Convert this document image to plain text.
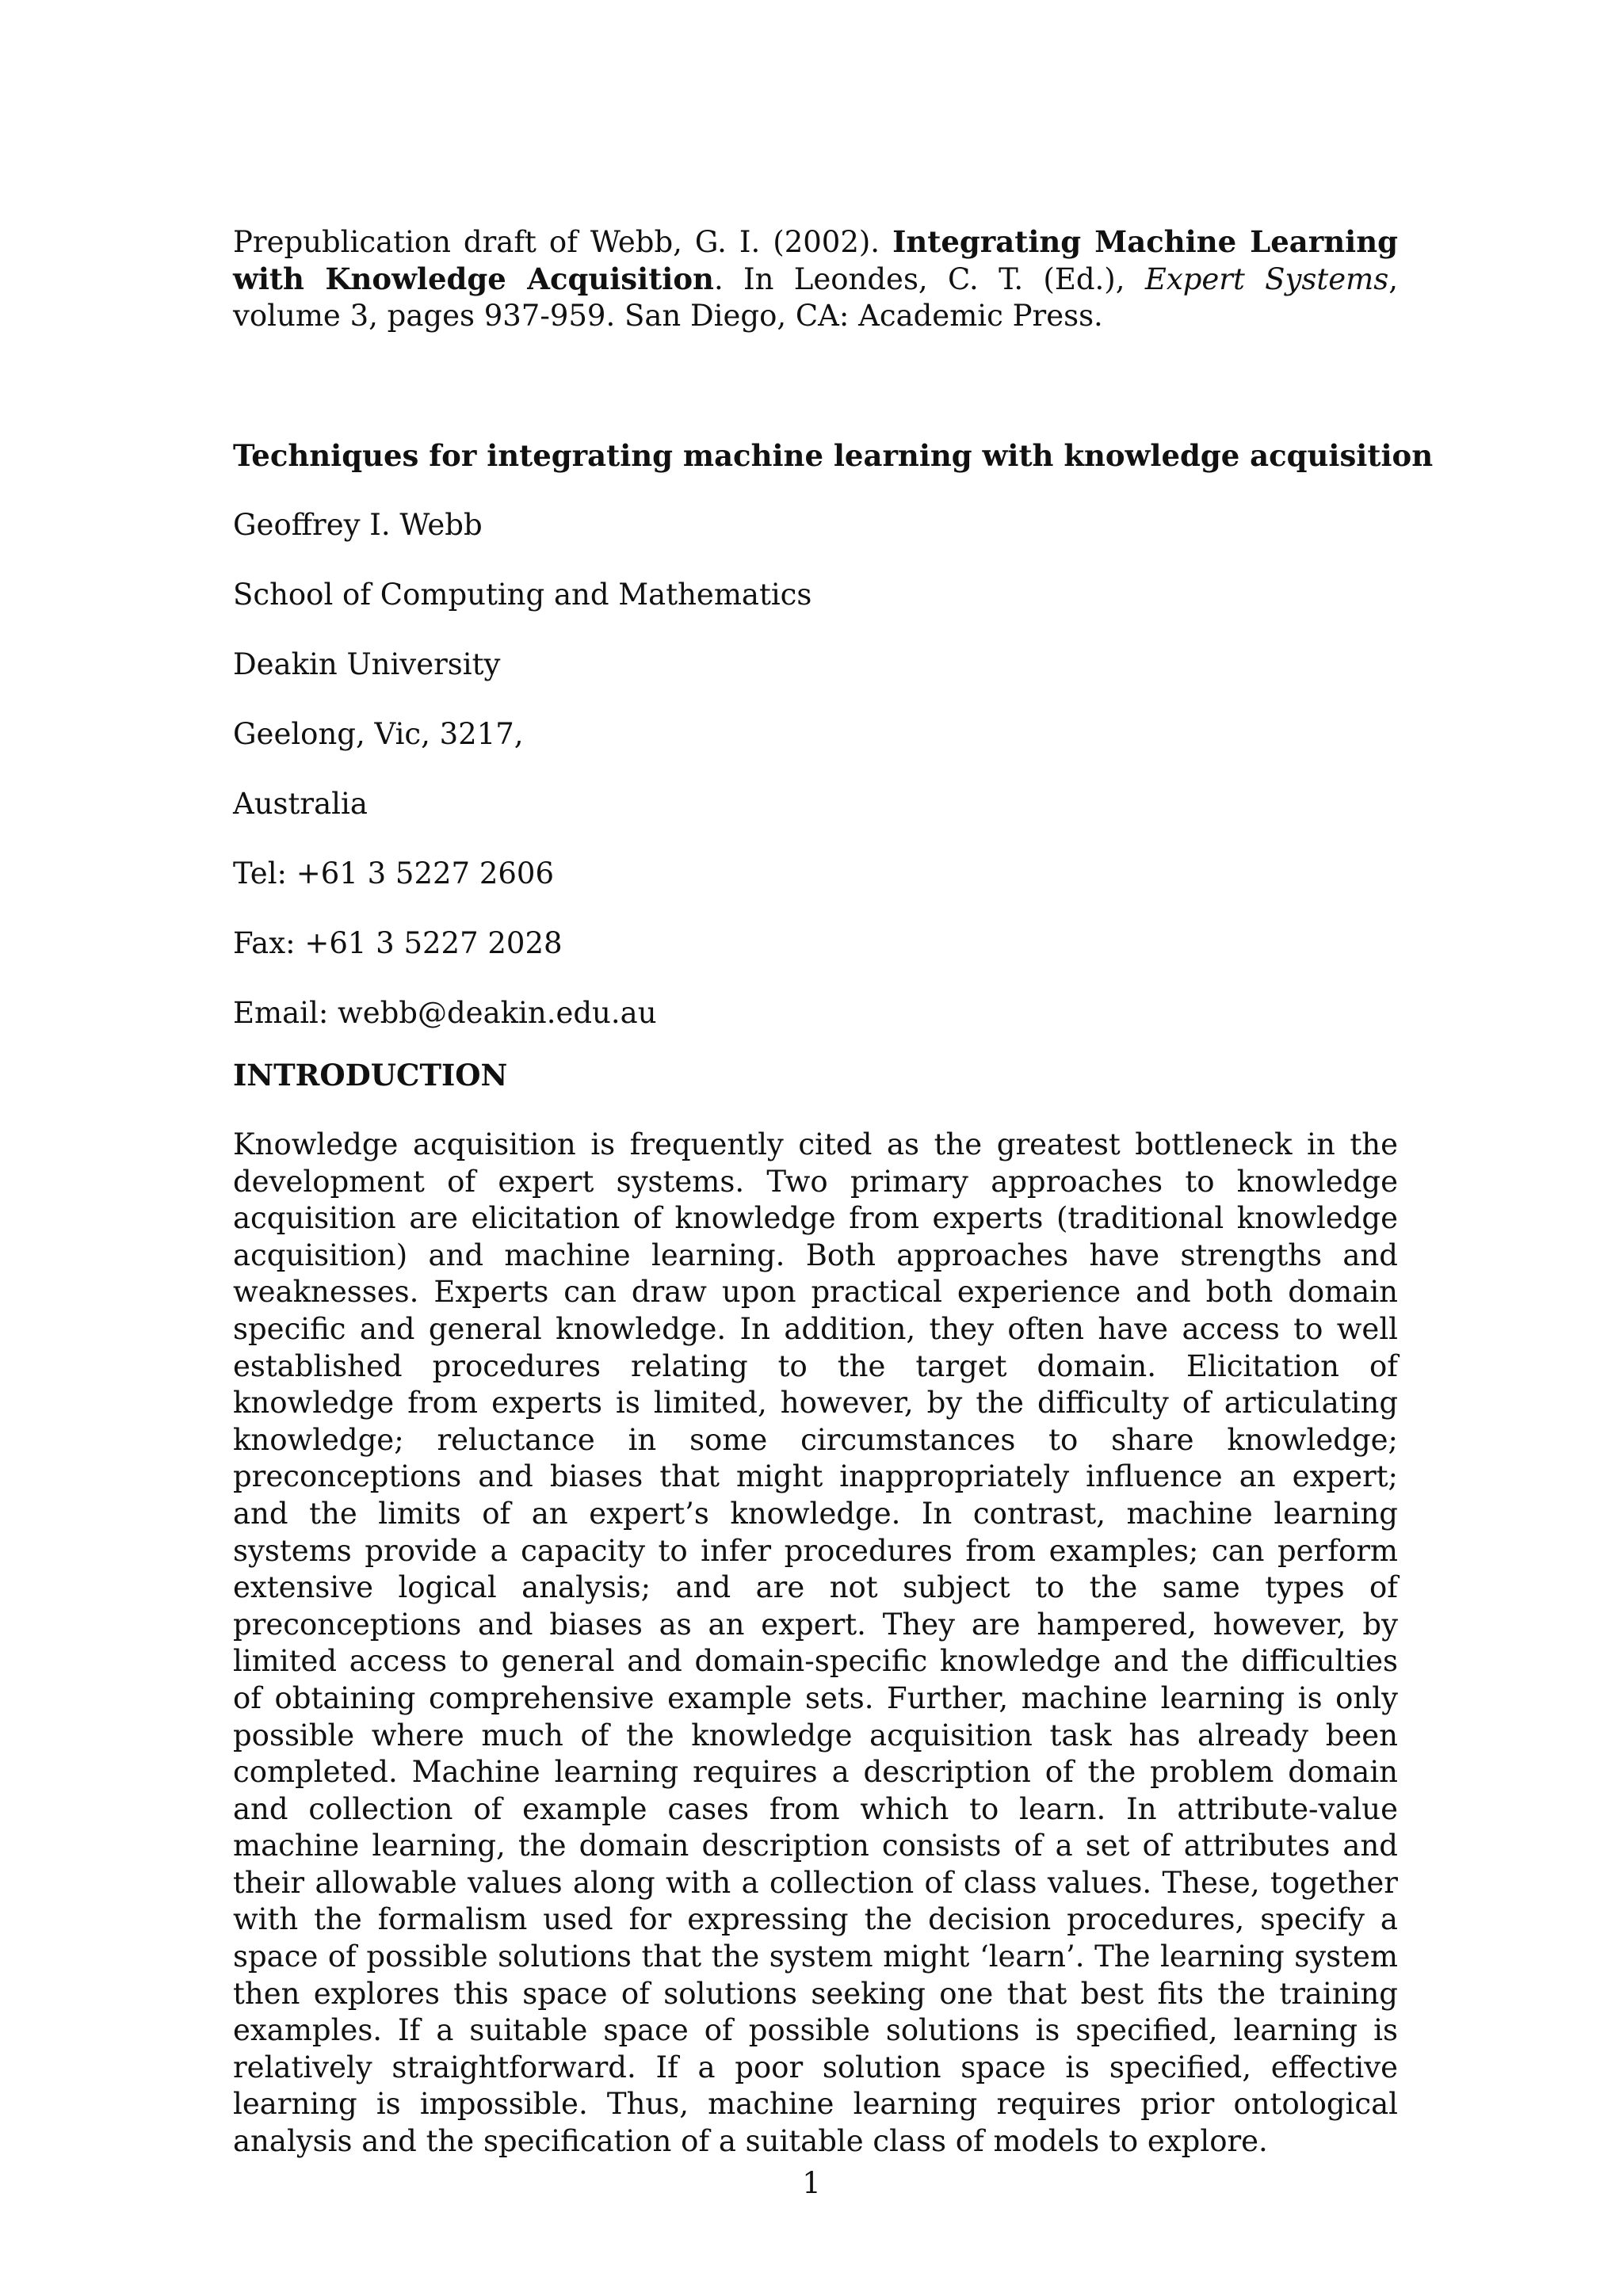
Prepublication draft of Webb, G. I. (2002). Integrating Machine Learning with Knowledge Acquisition. In Leondes, C. T. (Ed.), Expert Systems, volume 3, pages 937-959. San Diego, CA: Academic Press.

Techniques for integrating machine learning with knowledge acquisition

Geoffrey I. Webb

School of Computing and Mathematics

Deakin University

Geelong, Vic, 3217,

Australia

Tel: +61 3 5227 2606

Fax: +61 3 5227 2028

Email: webb@deakin.edu.au

INTRODUCTION

Knowledge acquisition is frequently cited as the greatest bottleneck in the development of expert systems. Two primary approaches to knowledge acquisition are elicitation of knowledge from experts (traditional knowledge acquisition) and machine learning. Both approaches have strengths and weaknesses. Experts can draw upon practical experience and both domain specific and general knowledge. In addition, they often have access to well established procedures relating to the target domain. Elicitation of knowledge from experts is limited, however, by the difficulty of articulating knowledge; reluctance in some circumstances to share knowledge; preconceptions and biases that might inappropriately influence an expert; and the limits of an expert’s knowledge. In contrast, machine learning systems provide a capacity to infer procedures from examples; can perform extensive logical analysis; and are not subject to the same types of preconceptions and biases as an expert. They are hampered, however, by limited access to general and domain-specific knowledge and the difficulties of obtaining comprehensive example sets. Further, machine learning is only possible where much of the knowledge acquisition task has already been completed. Machine learning requires a description of the problem domain and collection of example cases from which to learn. In attribute-value machine learning, the domain description consists of a set of attributes and their allowable values along with a collection of class values. These, together with the formalism used for expressing the decision procedures, specify a space of possible solutions that the system might ‘learn’. The learning system then explores this space of solutions seeking one that best fits the training examples. If a suitable space of possible solutions is specified, learning is relatively straightforward. If a poor solution space is specified, effective learning is impossible. Thus, machine learning requires prior ontological analysis and the specification of a suitable class of models to explore.

1
